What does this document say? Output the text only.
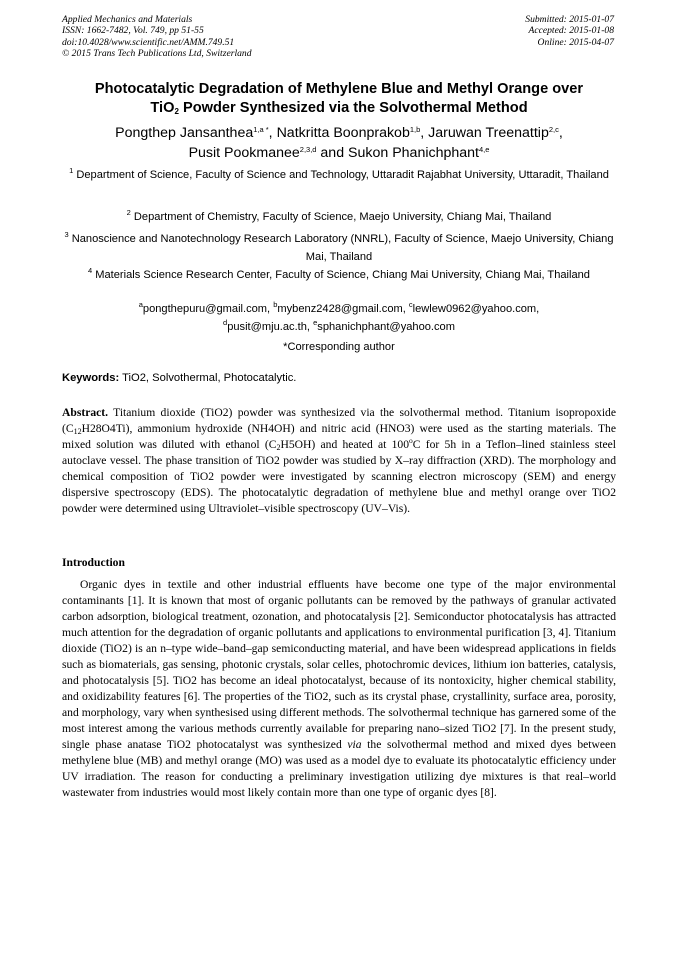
Applied Mechanics and Materials
ISSN: 1662-7482, Vol. 749, pp 51-55
doi:10.4028/www.scientific.net/AMM.749.51
© 2015 Trans Tech Publications Ltd, Switzerland
Submitted: 2015-01-07
Accepted: 2015-01-08
Online: 2015-04-07
Photocatalytic Degradation of Methylene Blue and Methyl Orange over
TiO$_2$ Powder Synthesized via the Solvothermal Method
Pongthep Jansanthea$^{1,a *}$, Natkritta Boonprakob$^{1,b}$, Jaruwan Treenattip$^{2,c}$,
Pusit Pookmanee$^{2,3,d}$ and Sukon Phanichphant$^{4,e}$
$^1$ Department of Science, Faculty of Science and Technology, Uttaradit Rajabhat University, Uttaradit, Thailand
$^2$ Department of Chemistry, Faculty of Science, Maejo University, Chiang Mai, Thailand
$^3$ Nanoscience and Nanotechnology Research Laboratory (NNRL), Faculty of Science, Maejo University, Chiang Mai, Thailand
$^4$ Materials Science Research Center, Faculty of Science, Chiang Mai University, Chiang Mai, Thailand
$^a$pongthepuru@gmail.com, $^b$mybenz2428@gmail.com, $^c$lewlew0962@yahoo.com,
$^d$pusit@mju.ac.th, $^e$sphanichphant@yahoo.com
*Corresponding author
Keywords: TiO2, Solvothermal, Photocatalytic.
Abstract. Titanium dioxide (TiO2) powder was synthesized via the solvothermal method. Titanium isopropoxide $(C_{12}H28O4Ti)$, ammonium hydroxide (NH4OH) and nitric acid (HNO3) were used as the starting materials. The mixed solution was diluted with ethanol $(C_2H5OH)$ and heated at 100$^o$C for 5h in a Teflon–lined stainless steel autoclave vessel. The phase transition of TiO2 powder was studied by X–ray diffraction (XRD). The morphology and chemical composition of TiO2 powder were investigated by scanning electron microscopy (SEM) and energy dispersive spectroscopy (EDS). The photocatalytic degradation of methylene blue and methyl orange over TiO2 powder were determined using Ultraviolet–visible spectroscopy (UV–Vis).
Introduction
Organic dyes in textile and other industrial effluents have become one type of the major environmental contaminants [1]. It is known that most of organic pollutants can be removed by the pathways of granular activated carbon adsorption, biological treatment, ozonation, and photocatalysis [2]. Semiconductor photocatalysis has attracted much attention for the degradation of organic pollutants and applications to environmental purification [3, 4]. Titanium dioxide (TiO2) is an n–type wide–band–gap semiconducting material, and have been widespread applications in fields such as biomaterials, gas sensing, photonic crystals, solar celles, photochromic devices, lithium ion batteries, catalysis, and photocatalysis [5]. TiO2 has become an ideal photocatalyst, because of its nontoxicity, higher chemical stability, and oxidizability features [6]. The properties of the TiO2, such as its crystal phase, crystallinity, surface area, porosity, and morphology, vary when synthesised using different methods. The solvothermal technique has garnered some of the most interest among the various methods currently available for preparing nano–sized TiO2 [7]. In the present study, single phase anatase TiO2 photocatalyst was synthesized via the solvothermal method and mixed dyes between methylene blue (MB) and methyl orange (MO) was used as a model dye to evaluate its photocatalytic efficiency under UV irradiation. The reason for conducting a preliminary investigation utilizing dye mixtures is that real–world wastewater from industries would most likely contain more than one type of organic dyes [8].
